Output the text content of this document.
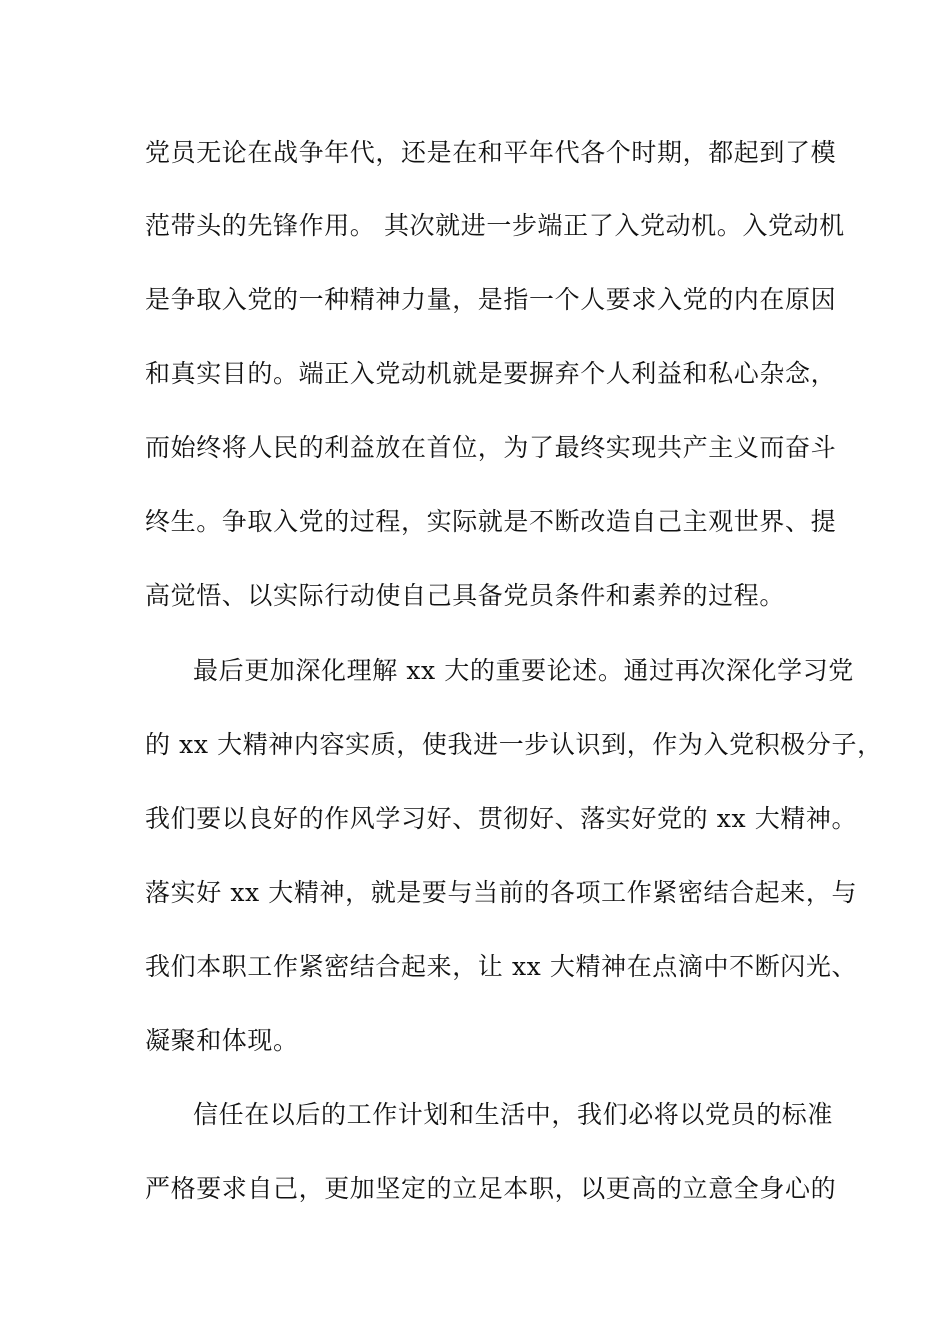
党员无论在战争年代，还是在和平年代各个时期，都起到了模
范带头的先锋作用。 其次就进一步端正了入党动机。入党动机
是争取入党的一种精神力量，是指一个人要求入党的内在原因
和真实目的。端正入党动机就是要摒弃个人利益和私心杂念，
而始终将人民的利益放在首位，为了最终实现共产主义而奋斗
终生。争取入党的过程，实际就是不断改造自己主观世界、提
高觉悟、以实际行动使自己具备党员条件和素养的过程。
最后更加深化理解 xx 大的重要论述。通过再次深化学习党
的 xx 大精神内容实质，使我进一步认识到，作为入党积极分子，
我们要以良好的作风学习好、贯彻好、落实好党的 xx 大精神。
落实好 xx 大精神，就是要与当前的各项工作紧密结合起来，与
我们本职工作紧密结合起来，让 xx 大精神在点滴中不断闪光、
凝聚和体现。
信任在以后的工作计划和生活中，我们必将以党员的标准
严格要求自己，更加坚定的立足本职，以更高的立意全身心的
